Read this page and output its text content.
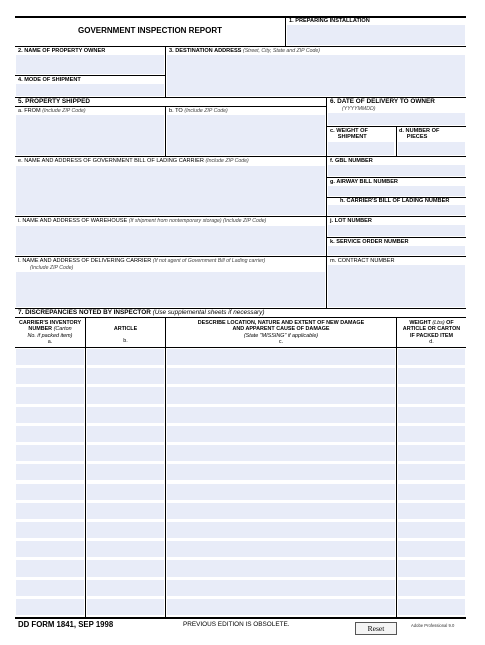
GOVERNMENT INSPECTION REPORT
1. PREPARING INSTALLATION
2. NAME OF PROPERTY OWNER	3. DESTINATION ADDRESS (Street, City, State and ZIP Code)
4. MODE OF SHIPMENT
5. PROPERTY SHIPPED
a. FROM (Include ZIP Code)	b. TO (Include ZIP Code)
6. DATE OF DELIVERY TO OWNER
(YYYYMMDD)
c. WEIGHT OF
SHIPMENT
d. NUMBER OF
PIECES
e. NAME AND ADDRESS OF GOVERNMENT BILL OF LADING CARRIER (Include ZIP Code)	f. GBL NUMBER
g. AIRWAY BILL NUMBER
h. CARRIER'S BILL OF LADING NUMBER
i. NAME AND ADDRESS OF WAREHOUSE (If shipment from nontemporary storage) (Include ZIP Code)	j. LOT NUMBER
k. SERVICE ORDER NUMBER
l. NAME AND ADDRESS OF DELIVERING CARRIER (If not agent of Government Bill of Lading carrier)
(Include ZIP Code)
m. CONTRACT NUMBER
7. DISCREPANCIES NOTED BY INSPECTOR (Use supplemental sheets if necessary)
CARRIER'S INVENTORY
NUMBER (Carton
No. if packed item)
a.
ARTICLE
b.
DESCRIBE LOCATION, NATURE AND EXTENT OF NEW DAMAGE
AND APPARENT CAUSE OF DAMAGE
(State "MISSING" if applicable)
c.
WEIGHT (Lbs) OF
ARTICLE OR CARTON
IF PACKED ITEM
d.
DD FORM 1841, SEP 1998	PREVIOUS EDITION IS OBSOLETE.	Reset	Adobe Professional 9.0
